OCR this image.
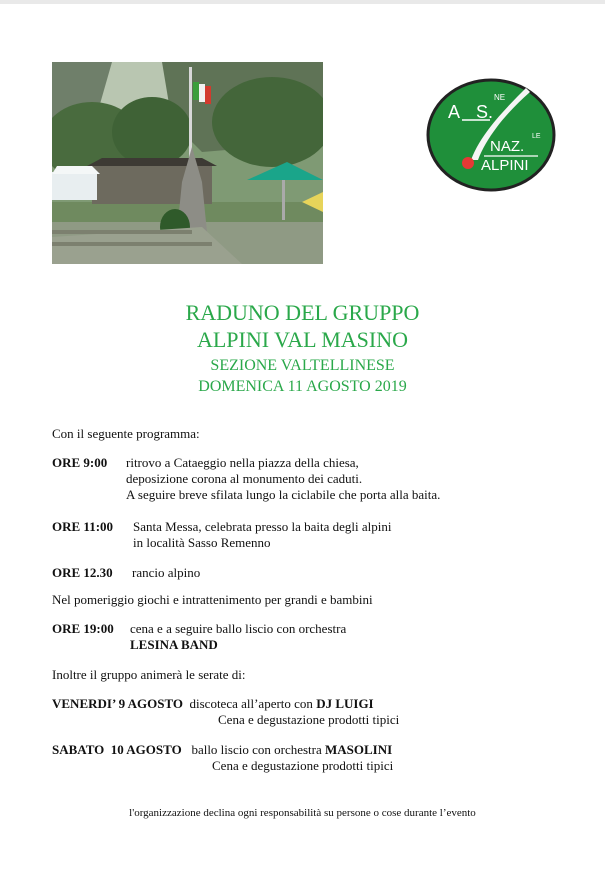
A S.
NE
NAZ.
LE
ALPINI
RADUNO DEL GRUPPO
ALPINI VAL MASINO
SEZIONE VALTELLINESE
DOMENICA 11 AGOSTO 2019
Con il seguente programma:
ORE 9:00 ritrovo a Cataeggio nella piazza della chiesa,
deposizione corona al monumento dei caduti.
A seguire breve sfilata lungo la ciclabile che porta alla baita.
ORE 11:00 Santa Messa, celebrata presso la baita degli alpini
in località Sasso Remenno
ORE 12.30 rancio alpino
Nel pomeriggio giochi e intrattenimento per grandi e bambini
ORE 19:00 cena e a seguire ballo liscio con orchestra
LESINA BAND
Inoltre il gruppo animerà le serate di:
VENERDI’ 9 AGOSTO discoteca all’aperto con DJ LUIGI
Cena e degustazione prodotti tipici
SABATO  10 AGOSTO ballo liscio con orchestra MASOLINI
Cena e degustazione prodotti tipici
l'organizzazione declina ogni responsabilità su persone o cose durante l’evento
